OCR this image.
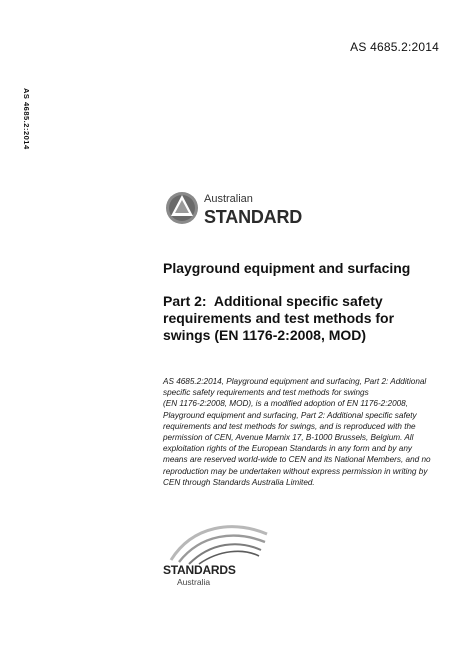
AS 4685.2:2014
AS 4685.2:2014
Australian
STANDARD

Playground equipment and surfacing

Part 2:  Additional specific safety
requirements and test methods for
swings (EN 1176-2:2008, MOD)

AS 4685.2:2014, Playground equipment and surfacing, Part 2: Additional
specific safety requirements and test methods for swings
(EN 1176-2:2008, MOD), is a modified adoption of EN 1176-2:2008,
Playground equipment and surfacing, Part 2: Additional specific safety
requirements and test methods for swings, and is reproduced with the
permission of CEN, Avenue Marnix 17, B-1000 Brussels, Belgium. All
exploitation rights of the European Standards in any form and by any
means are reserved world-wide to CEN and its National Members, and no
reproduction may be undertaken without express permission in writing by
CEN through Standards Australia Limited.
STANDARDS
Australia
